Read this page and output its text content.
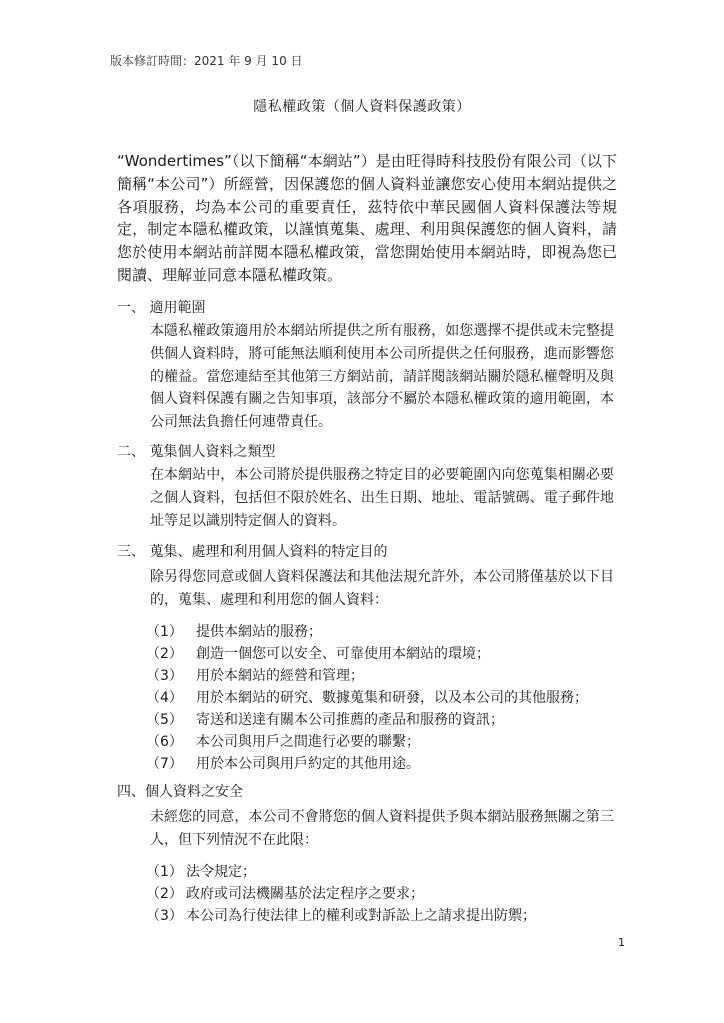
版本修訂時間：2021 年 9 月 10 日
隱私權政策（個人資料保護政策）
“Wondertimes”（以下簡稱“本網站”）是由旺得時科技股份有限公司（以下簡稱“本公司”）所經營，因保護您的個人資料並讓您安心使用本網站提供之各項服務，均為本公司的重要責任，茲特依中華民國個人資料保護法等規定，制定本隱私權政策，以謹慎蒐集、處理、利用與保護您的個人資料，請您於使用本網站前詳閱本隱私權政策，當您開始使用本網站時，即視為您已閱讀、理解並同意本隱私權政策。
一、 適用範圍
本隱私權政策適用於本網站所提供之所有服務，如您選擇不提供或未完整提供個人資料時，將可能無法順利使用本公司所提供之任何服務，進而影響您的權益。當您連結至其他第三方網站前，請詳閱該網站關於隱私權聲明及與個人資料保護有關之告知事項，該部分不屬於本隱私權政策的適用範圍，本公司無法負擔任何連帶責任。
二、 蒐集個人資料之類型
在本網站中，本公司將於提供服務之特定目的必要範圍內向您蒐集相關必要之個人資料，包括但不限於姓名、出生日期、地址、電話號碼、電子郵件地址等足以識別特定個人的資料。
三、 蒐集、處理和利用個人資料的特定目的
除另得您同意或個人資料保護法和其他法規允許外，本公司將僅基於以下目的，蒐集、處理和利用您的個人資料：
（1） 提供本網站的服務；
（2） 創造一個您可以安全、可靠使用本網站的環境；
（3） 用於本網站的經營和管理；
（4） 用於本網站的研究、數據蒐集和研發，以及本公司的其他服務；
（5） 寄送和送達有關本公司推薦的產品和服務的資訊；
（6） 本公司與用戶之間進行必要的聯繫；
（7） 用於本公司與用戶約定的其他用途。
四、個人資料之安全
未經您的同意，本公司不會將您的個人資料提供予與本網站服務無關之第三人，但下列情況不在此限：
（1） 法令規定；
（2） 政府或司法機關基於法定程序之要求；
（3） 本公司為行使法律上的權利或對訴訟上之請求提出防禦；
1
